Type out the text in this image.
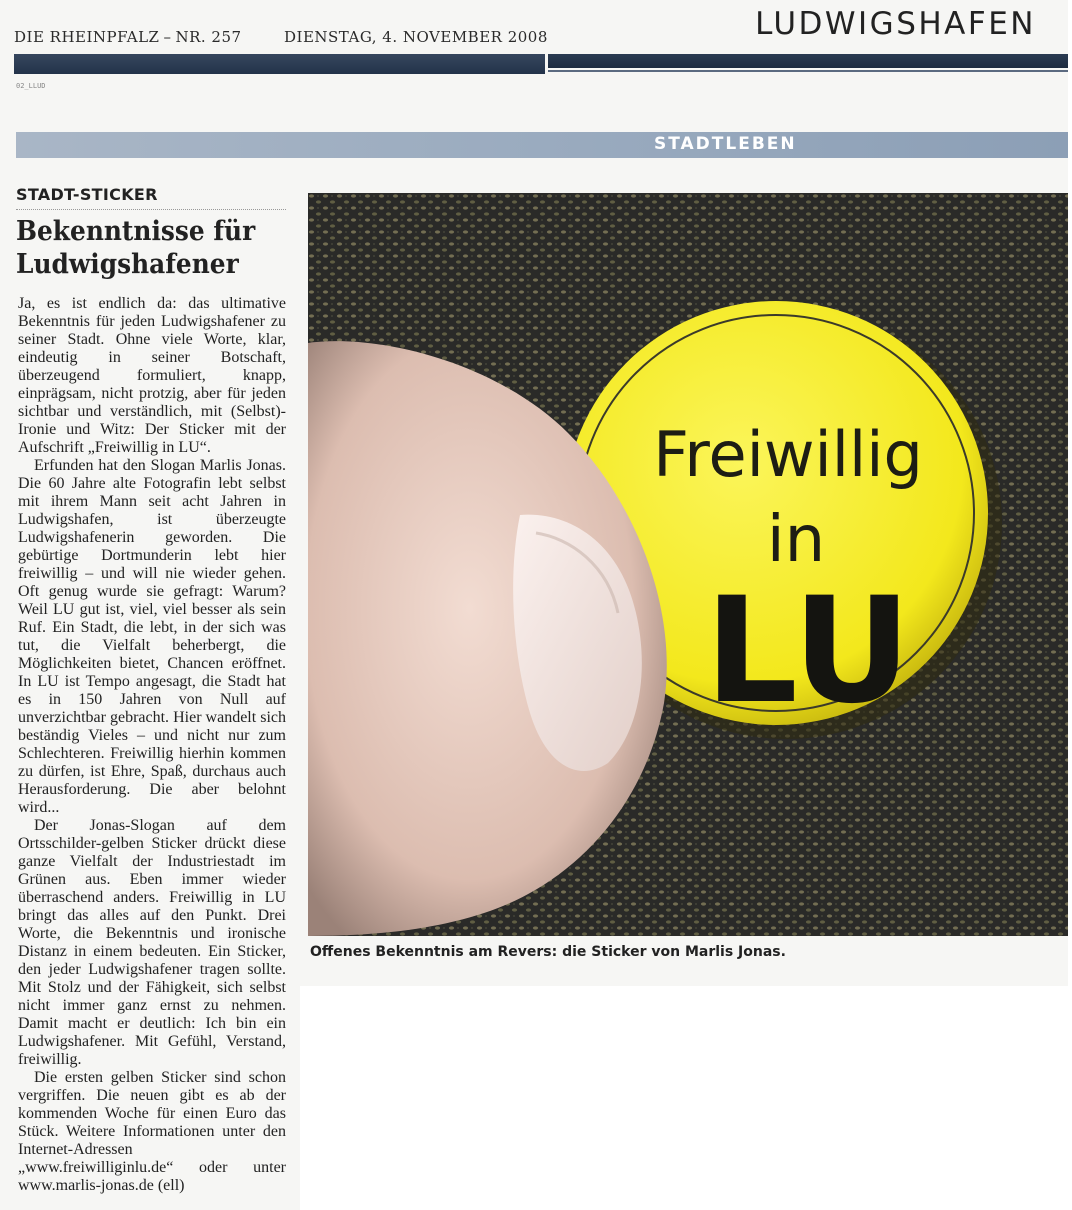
DIE RHEINPFALZ – NR. 257	DIENSTAG, 4. NOVEMBER 2008	LUDWIGSHAFEN
02_LLUD
STADTLEBEN
STADT-STICKER
Bekenntnisse für Ludwigshafener

Ja, es ist endlich da: das ultimative Bekenntnis für jeden Ludwigshafener zu seiner Stadt. Ohne viele Worte, klar, eindeutig in seiner Botschaft, überzeugend formuliert, knapp, einprägsam, nicht protzig, aber für jeden sichtbar und verständlich, mit (Selbst)-Ironie und Witz: Der Sticker mit der Aufschrift „Freiwillig in LU“.

Erfunden hat den Slogan Marlis Jonas. Die 60 Jahre alte Fotografin lebt selbst mit ihrem Mann seit acht Jahren in Ludwigshafen, ist überzeugte Ludwigshafenerin geworden. Die gebürtige Dortmunderin lebt hier freiwillig – und will nie wieder gehen. Oft genug wurde sie gefragt: Warum? Weil LU gut ist, viel, viel besser als sein Ruf. Ein Stadt, die lebt, in der sich was tut, die Vielfalt beherbergt, die Möglichkeiten bietet, Chancen eröffnet. In LU ist Tempo angesagt, die Stadt hat es in 150 Jahren von Null auf unverzichtbar gebracht. Hier wandelt sich beständig Vieles – und nicht nur zum Schlechteren. Freiwillig hierhin kommen zu dürfen, ist Ehre, Spaß, durchaus auch Herausforderung. Die aber belohnt wird...

Der Jonas-Slogan auf dem Ortsschilder-gelben Sticker drückt diese ganze Vielfalt der Industriestadt im Grünen aus. Eben immer wieder überraschend anders. Freiwillig in LU bringt das alles auf den Punkt. Drei Worte, die Bekenntnis und ironische Distanz in einem bedeuten. Ein Sticker, den jeder Ludwigshafener tragen sollte. Mit Stolz und der Fähigkeit, sich selbst nicht immer ganz ernst zu nehmen. Damit macht er deutlich: Ich bin ein Ludwigshafener. Mit Gefühl, Verstand, freiwillig.

Die ersten gelben Sticker sind schon vergriffen. Die neuen gibt es ab der kommenden Woche für einen Euro das Stück. Weitere Informationen unter den Internet-Adressen „www.freiwilliginlu.de“ oder unter www.marlis-jonas.de (ell)

Freiwillig
in
LU
Offenes Bekenntnis am Revers: die Sticker von Marlis Jonas.
